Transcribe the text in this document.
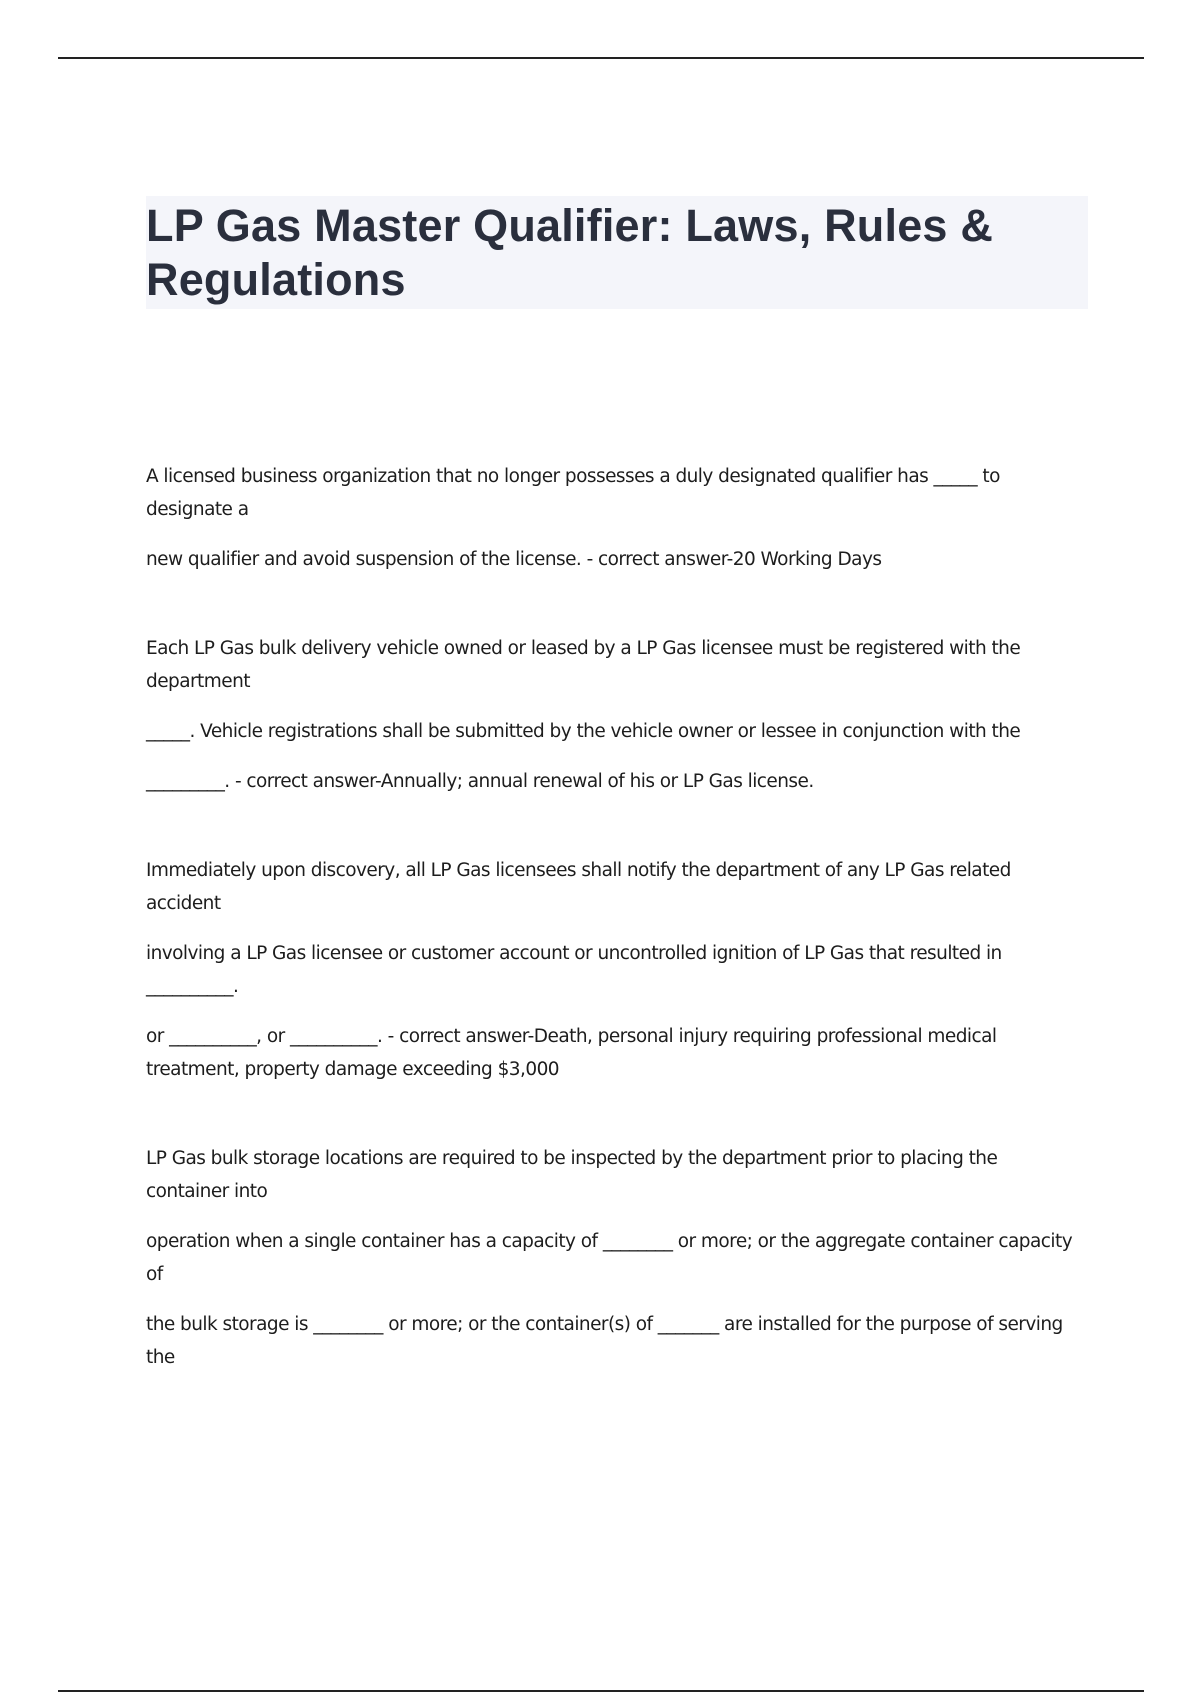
LP Gas Master Qualifier: Laws, Rules & Regulations

A licensed business organization that no longer possesses a duly designated qualifier has _____ to designate a

new qualifier and avoid suspension of the license. - correct answer-20 Working Days

Each LP Gas bulk delivery vehicle owned or leased by a LP Gas licensee must be registered with the department

_____. Vehicle registrations shall be submitted by the vehicle owner or lessee in conjunction with the

_________. - correct answer-Annually; annual renewal of his or LP Gas license.

Immediately upon discovery, all LP Gas licensees shall notify the department of any LP Gas related accident

involving a LP Gas licensee or customer account or uncontrolled ignition of LP Gas that resulted in __________.

or __________, or __________. - correct answer-Death, personal injury requiring professional medical treatment, property damage exceeding $3,000

LP Gas bulk storage locations are required to be inspected by the department prior to placing the container into

operation when a single container has a capacity of ________ or more; or the aggregate container capacity of

the bulk storage is ________ or more; or the container(s) of _______ are installed for the purpose of serving the
